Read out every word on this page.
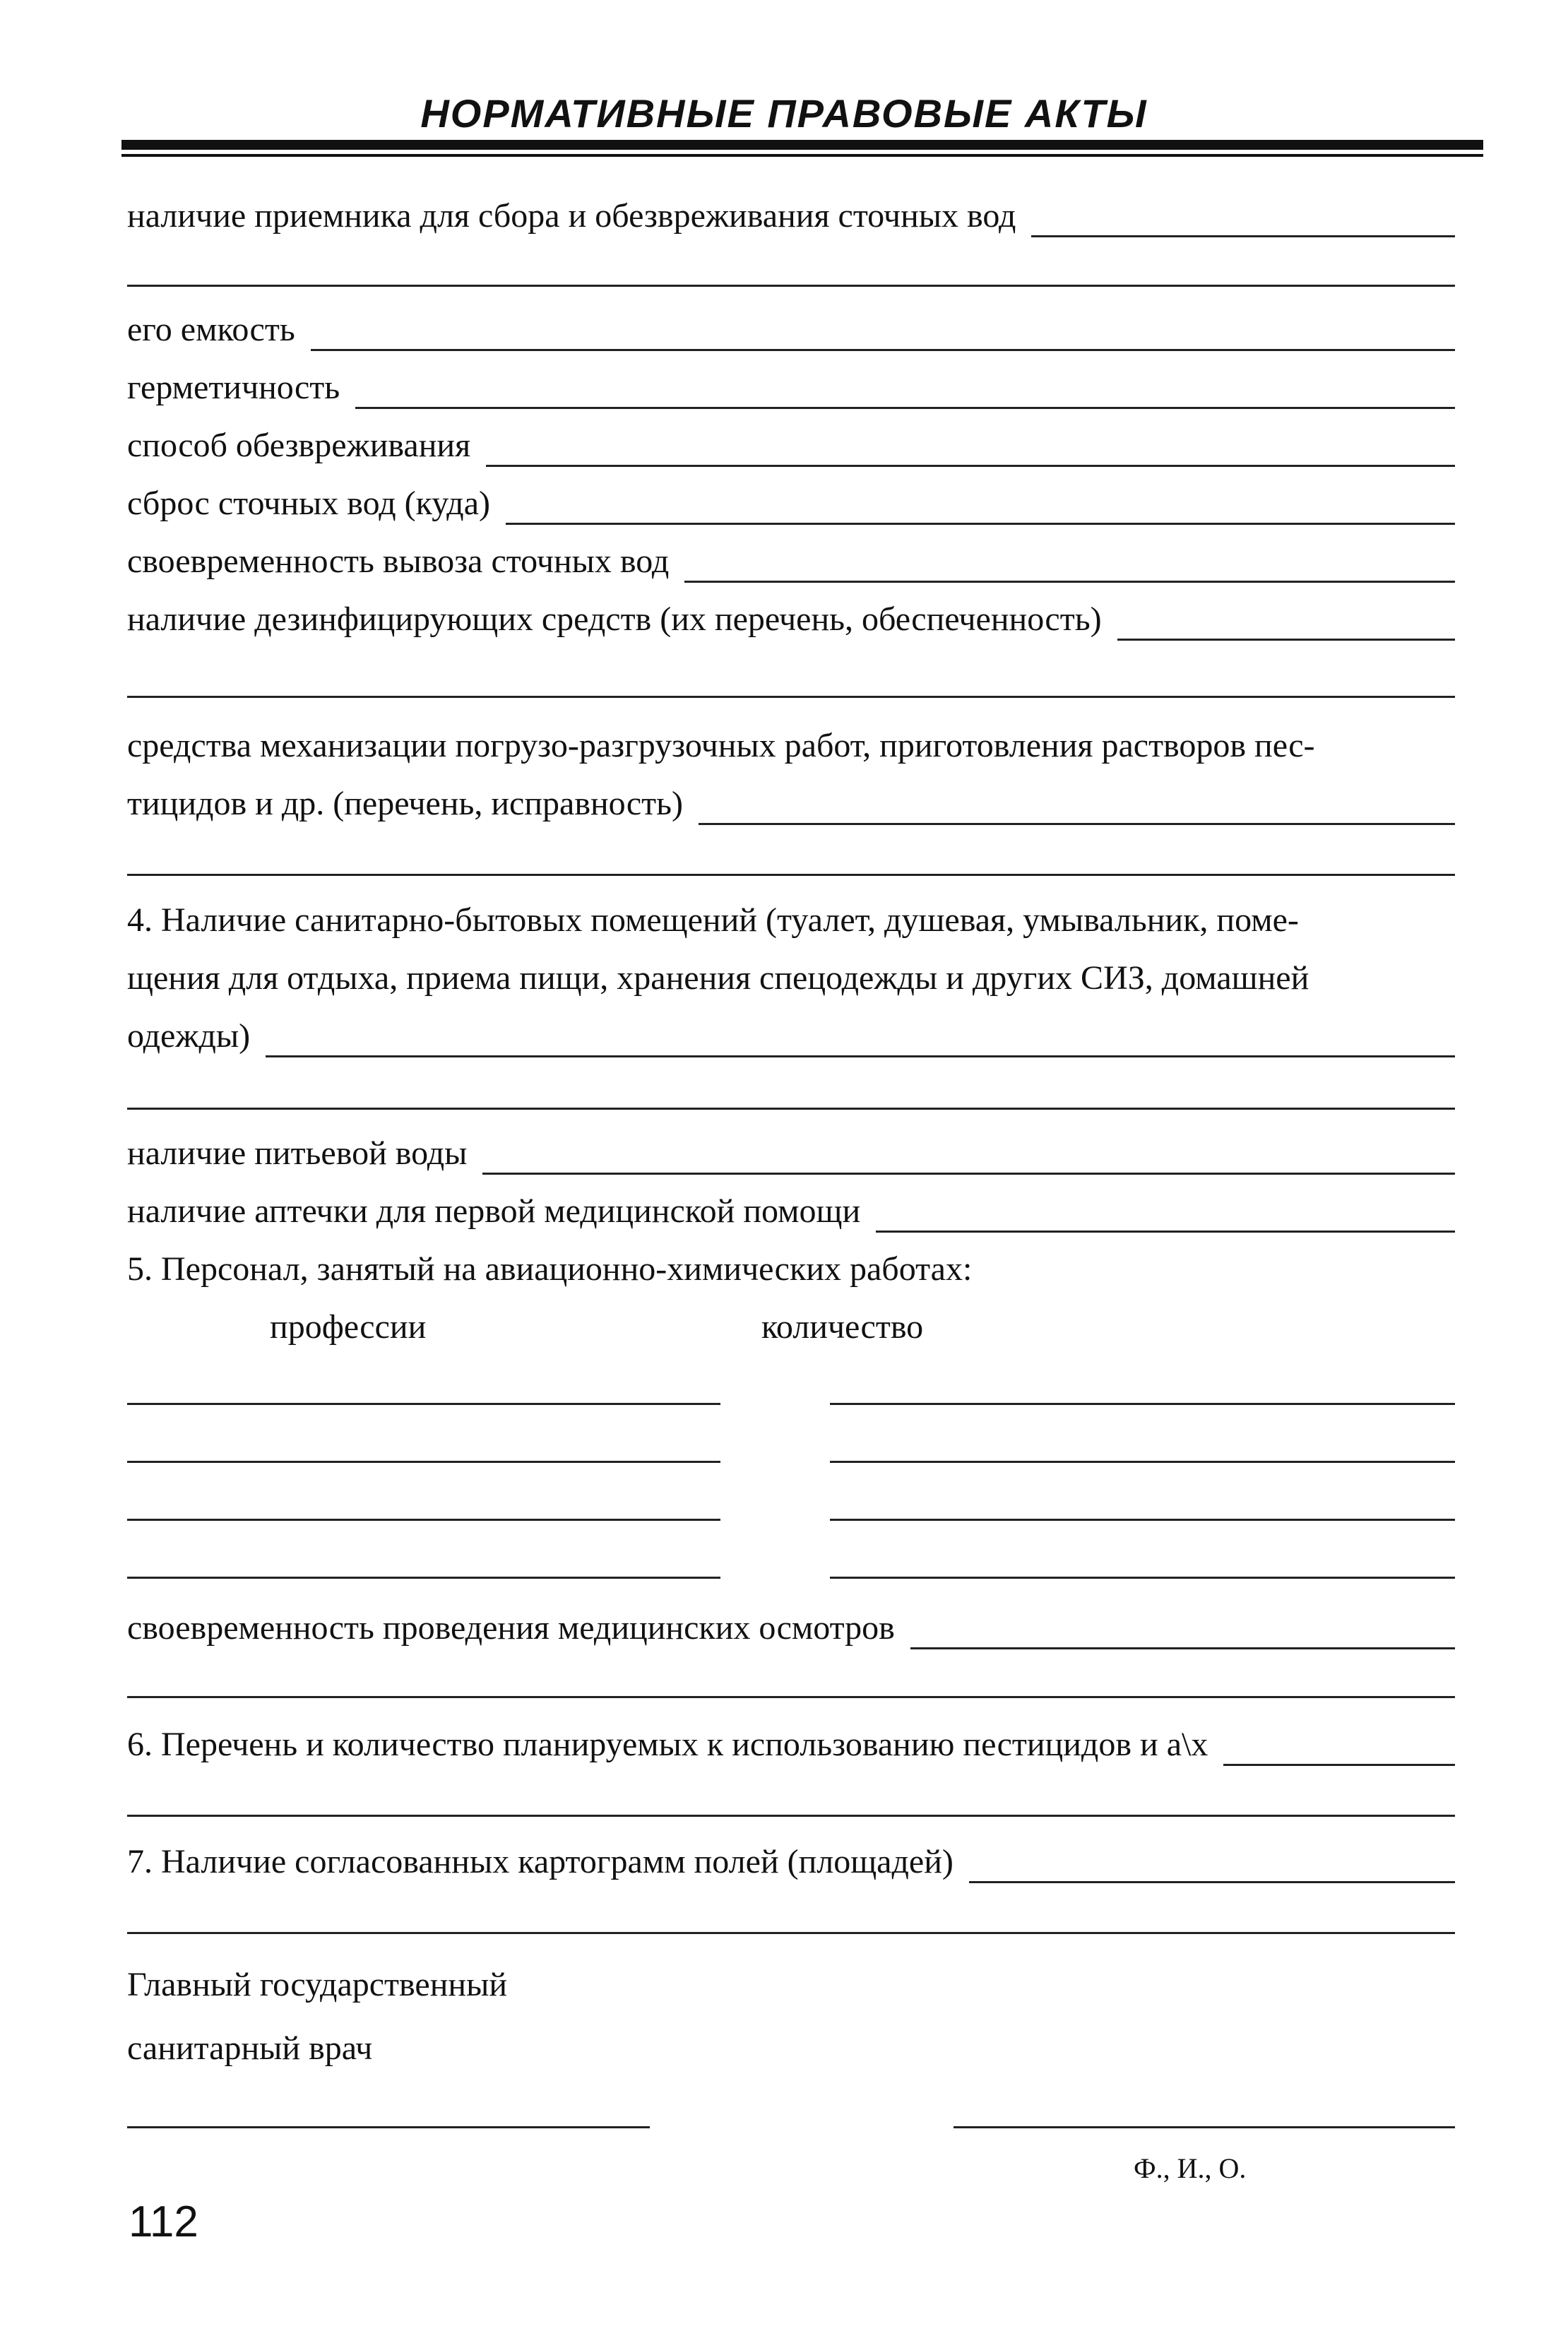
НОРМАТИВНЫЕ ПРАВОВЫЕ АКТЫ
наличие приемника для сбора и обезвреживания сточных вод
его емкость
герметичность
способ обезвреживания
сброс сточных вод (куда)
своевременность вывоза сточных вод
наличие дезинфицирующих средств (их перечень, обеспеченность)
средства механизации погрузо-разгрузочных работ, приготовления растворов пес-
тицидов и др. (перечень, исправность)
4. Наличие санитарно-бытовых помещений (туалет, душевая, умывальник, поме-
щения для отдыха, приема пищи, хранения спецодежды и других СИЗ, домашней
одежды)
наличие питьевой воды
наличие аптечки для первой медицинской помощи
5. Персонал, занятый на авиационно-химических работах:
профессии	количество
своевременность проведения медицинских осмотров
6. Перечень и количество планируемых к использованию пестицидов и а\х
7. Наличие согласованных картограмм полей (площадей)
Главный государственный
санитарный врач
Ф., И., О.
112
